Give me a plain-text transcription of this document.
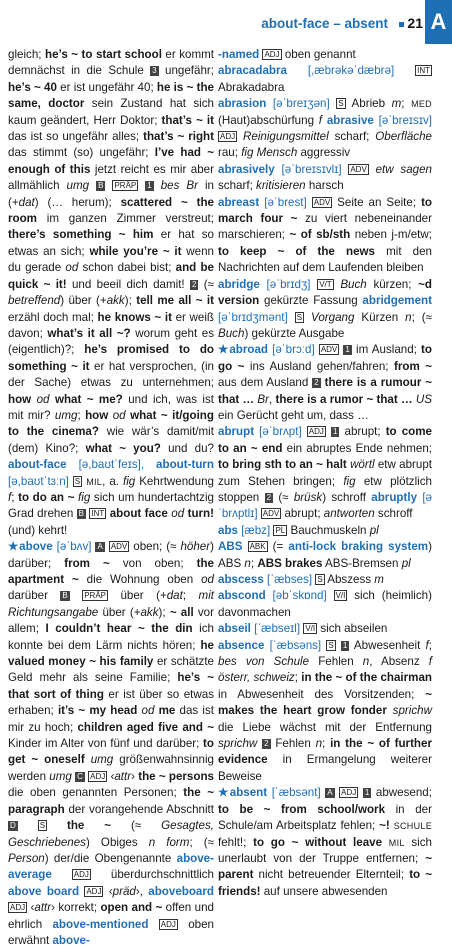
about-face – absent 21 A

gleich; he’s ~ to start school er kommt demnächst in die Schule 3 ungefähr; he’s ~ 40 er ist ungefähr 40; he is ~ the same, doctor sein Zustand hat sich kaum geändert, Herr Doktor; that’s ~ it das ist so ungefähr alles; that’s ~ right das stimmt (so) ungefähr; I’ve had ~ enough of this jetzt reicht es mir aber allmählich umg B PRÄP 1 bes Br in (+dat) (… herum); scattered ~ the room im ganzen Zimmer verstreut; there’s something ~ him er hat so etwas an sich; while you’re ~ it wenn du gerade od schon dabei bist; and be quick ~ it! und beeil dich damit! 2 (≈ betreffend) über (+akk); tell me all ~ it erzähl doch mal; he knows ~ it er weiß davon; what’s it all ~? worum geht es (eigentlich)?; he’s promised to do something ~ it er hat versprochen, (in der Sache) etwas zu unternehmen; how od what ~ me? und ich, was ist mit mir? umg; how od what ~ it/going to the cinema? wie wär’s damit/mit (dem) Kino?; what ~ you? und du? about-face [ə,baʊtˈfeɪs], about-turn [ə,baʊtˈtɜːn] S MIL, a. fig Kehrtwendung f; to do an ~ fig sich um hundertachtzig Grad drehen B INT about face od turn! (und) kehrt!

★above [əˈbʌv] A ADV oben; (≈ höher) darüber; from ~ von oben; the apartment ~ die Wohnung oben od darüber B PRÄP über (+dat; mit Richtungsangabe über (+akk); ~ all vor allem; I couldn’t hear ~ the din ich konnte bei dem Lärm nichts hören; he valued money ~ his family er schätzte Geld mehr als seine Familie; he’s ~ that sort of thing er ist über so etwas erhaben; it’s ~ my head od me das ist mir zu hoch; children aged five and ~ Kinder im Alter von fünf und darüber; to get ~ oneself umg größenwahnsinnig werden umg C ADJ ‹attr› the ~ persons die oben genannten Personen; the ~ paragraph der vorangehende Abschnitt D	S the ~ (≈ Gesagtes, Geschriebenes) Obiges n form; (≈ Person) der/die Obengenannte above-average	ADJ überdurchschnittlich above board ADJ ‹präd›, aboveboard ADJ ‹attr› korrekt; open and ~ offen und ehrlich above-mentioned ADJ oben erwähnt above-

-named ADJ oben genannt

abracadabra [,æbrəkəˈdæbrə] INT Abrakadabra

abrasion [əˈbreɪʒən] S Abrieb m; MED (Haut)abschürfung f abrasive [əˈbreɪsɪv] ADJ Reinigungsmittel scharf; Oberfläche rau; fig Mensch aggressiv

abrasively [əˈbreɪsɪvlɪ] ADV etw sagen scharf; kritisieren harsch

abreast [əˈbrest] ADV Seite an Seite; to march four ~ zu viert nebeneinander marschieren; ~ of sb/sth neben j-m/etw; to keep ~ of the news mit den Nachrichten auf dem Laufenden bleiben

abridge [əˈbrɪdʒ] V/T Buch kürzen; ~d version gekürzte Fassung abridgement [əˈbrɪdʒmənt] S Vorgang Kürzen n; (≈ Buch) gekürzte Ausgabe

★abroad [əˈbrɔːd] ADV 1 im Ausland; to go ~ ins Ausland gehen/fahren; from ~ aus dem Ausland 2 there is a rumour ~ that … Br, there is a rumor ~ that … US ein Gerücht geht um, dass …

abrupt [əˈbrʌpt] ADJ 1 abrupt; to come to an ~ end ein abruptes Ende nehmen; to bring sth to an ~ halt wörtl etw abrupt zum Stehen bringen; fig etw plötzlich stoppen 2 (≈ brüsk) schroff abruptly [əˈbrʌptlɪ] ADV abrupt; antworten schroff

abs [æbz] PL Bauchmuskeln pl

ABS ABK (= anti-lock braking system) ABS n; ABS brakes ABS-Bremsen pl

abscess [ˈæbses] S Abszess m

abscond [əbˈskɒnd] V/I sich (heimlich) davonmachen

abseil [ˈæbseɪl] V/I sich abseilen

absence [ˈæbsəns] S 1 Abwesenheit f; bes von Schule Fehlen n, Absenz f österr, schweiz; in the ~ of the chairman in Abwesenheit des Vorsitzenden; ~ makes the heart grow fonder sprichw die Liebe wächst mit der Entfernung sprichw 2 Fehlen n; in the ~ of further evidence in Ermangelung weiterer Beweise

★absent [ˈæbsənt] A ADJ 1 abwesend; to be ~ from school/work in der Schule/am Arbeitsplatz fehlen; ~! SCHULE fehlt!; to go ~ without leave MIL sich unerlaubt von der Truppe entfernen; ~ parent nicht betreuender Elternteil; to ~ friends! auf unsere abwesenden
